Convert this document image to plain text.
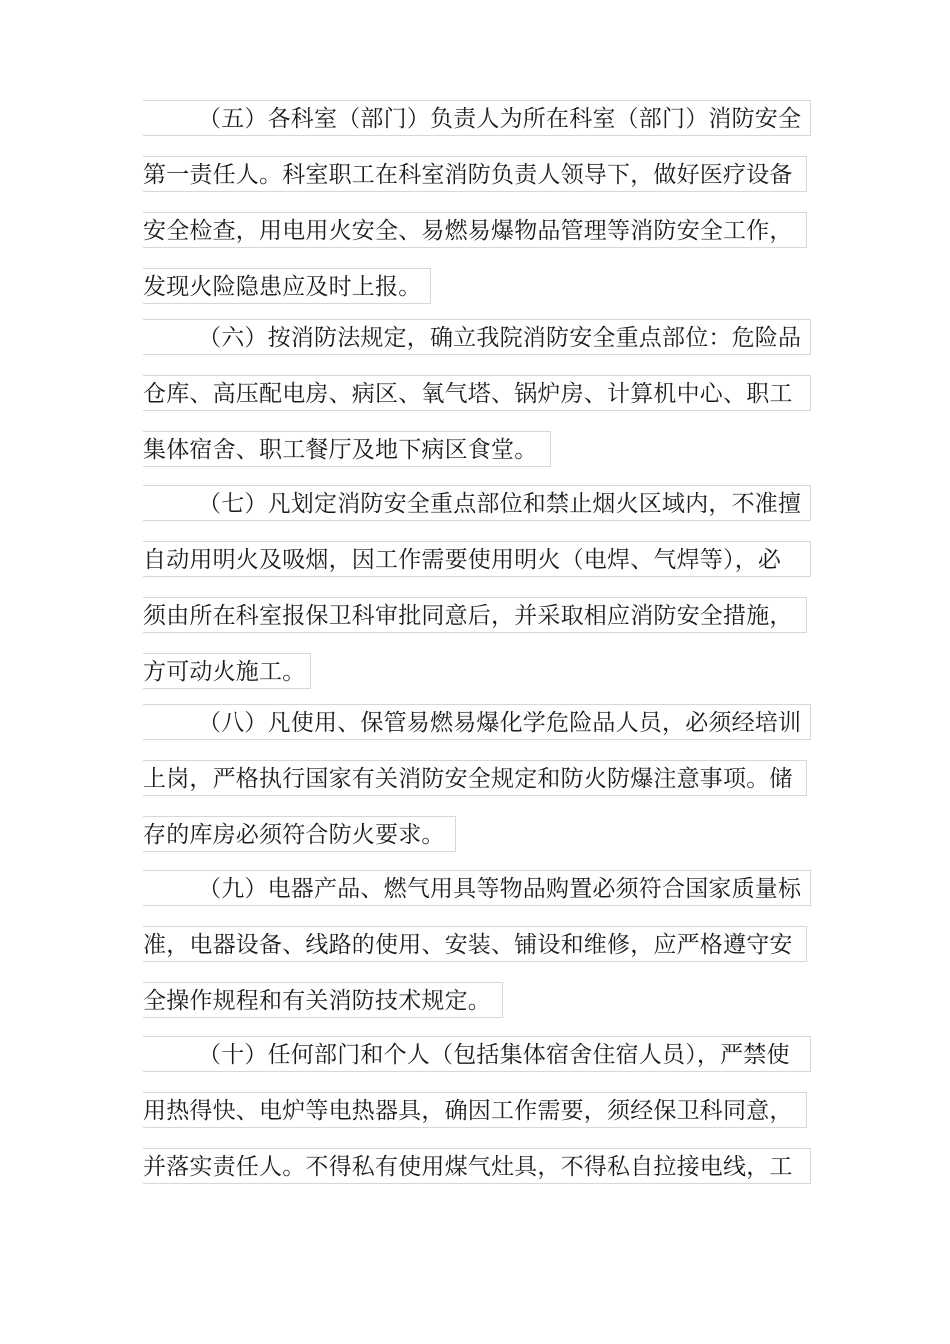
（五）各科室（部门）负责人为所在科室（部门）消防安全
第一责任人。科室职工在科室消防负责人领导下，做好医疗设备
安全检查，用电用火安全、易燃易爆物品管理等消防安全工作，
发现火险隐患应及时上报。
（六）按消防法规定，确立我院消防安全重点部位：危险品
仓库、高压配电房、病区、氧气塔、锅炉房、计算机中心、职工
集体宿舍、职工餐厅及地下病区食堂。
（七）凡划定消防安全重点部位和禁止烟火区域内，不准擅
自动用明火及吸烟，因工作需要使用明火（电焊、气焊等），必
须由所在科室报保卫科审批同意后，并采取相应消防安全措施，
方可动火施工。
（八）凡使用、保管易燃易爆化学危险品人员，必须经培训
上岗，严格执行国家有关消防安全规定和防火防爆注意事项。储
存的库房必须符合防火要求。
（九）电器产品、燃气用具等物品购置必须符合国家质量标
准，电器设备、线路的使用、安装、铺设和维修，应严格遵守安
全操作规程和有关消防技术规定。
（十）任何部门和个人（包括集体宿舍住宿人员），严禁使
用热得快、电炉等电热器具，确因工作需要，须经保卫科同意，
并落实责任人。不得私有使用煤气灶具，不得私自拉接电线，工
